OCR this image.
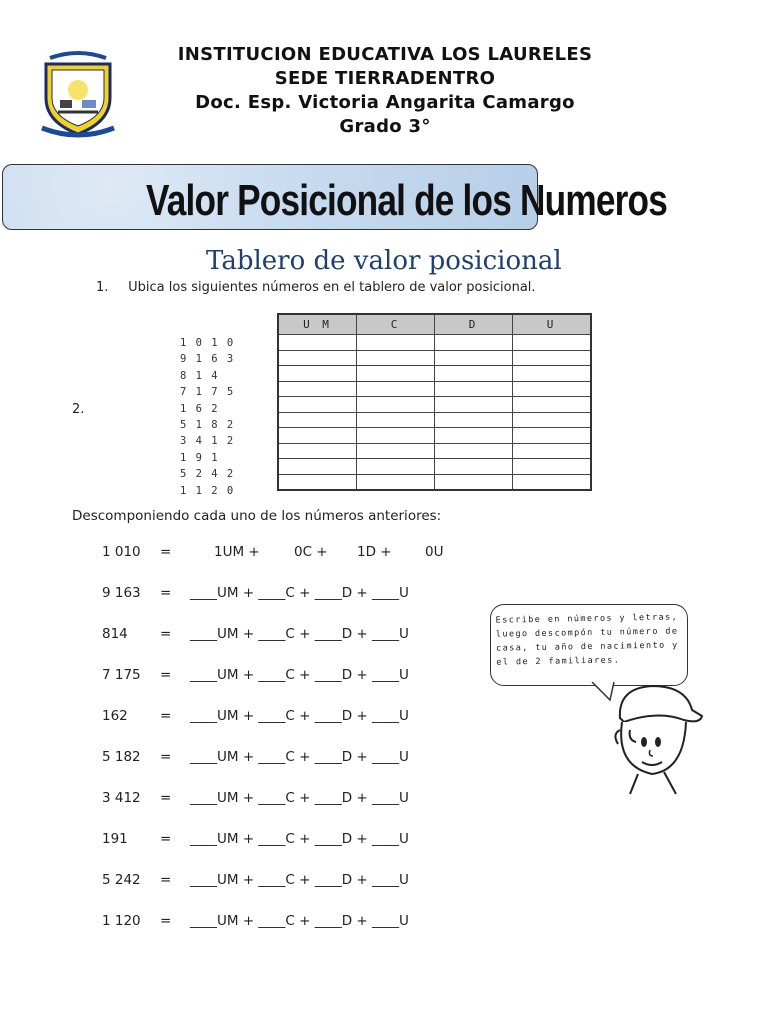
INSTITUCION EDUCATIVA LOS LAURELES
SEDE TIERRADENTRO
Doc. Esp. Victoria Angarita Camargo
Grado 3°
Valor Posicional de los Numeros
Tablero de valor posicional
1. Ubica los siguientes números en el tablero de valor posicional.
2.
1 0 1 0
9 1 6 3
8 1 4
7 1 7 5
1 6 2
5 1 8 2
3 4 1 2
1 9 1
5 2 4 2
1 1 2 0
U M	C	D	U

Descomponiendo cada uno de los números anteriores:
1 010 =	1UM +	0C + 1D + 0U
9 163 = ____UM + ____C + ____D + ____U
814 = ____UM + ____C + ____D + ____U
7 175 = ____UM + ____C + ____D + ____U
162 = ____UM + ____C + ____D + ____U
5 182 = ____UM + ____C + ____D + ____U
3 412 = ____UM + ____C + ____D + ____U
191 = ____UM + ____C + ____D + ____U
5 242 = ____UM + ____C + ____D + ____U
1 120 = ____UM + ____C + ____D + ____U
Escribe en números y letras, luego descompón tu número de casa, tu año de nacimiento y el de 2 familiares.
